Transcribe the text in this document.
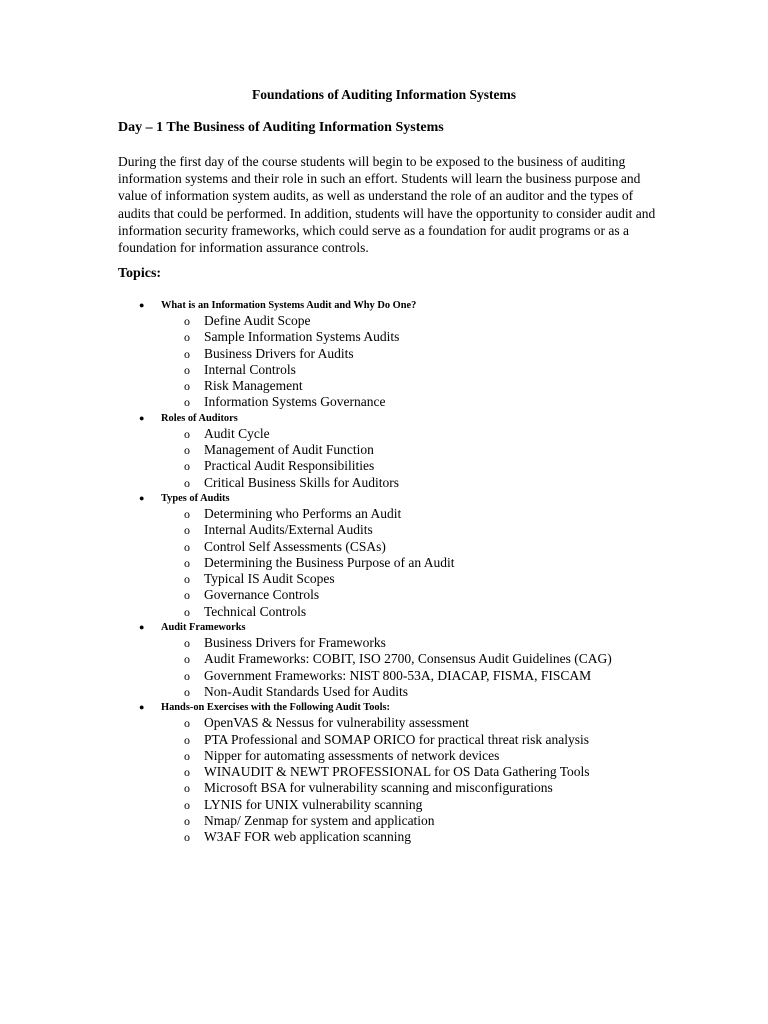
Foundations of Auditing Information Systems
Day – 1 The Business of Auditing Information Systems

During the first day of the course students will begin to be exposed to the business of auditing information systems and their role in such an effort. Students will learn the business purpose and value of information system audits, as well as understand the role of an auditor and the types of audits that could be performed. In addition, students will have the opportunity to consider audit and information security frameworks, which could serve as a foundation for audit programs or as a foundation for information assurance controls.

Topics:
● What is an Information Systems Audit and Why Do One?
o Define Audit Scope
o Sample Information Systems Audits
o Business Drivers for Audits
o Internal Controls
o Risk Management
o Information Systems Governance
● Roles of Auditors
o Audit Cycle
o Management of Audit Function
o Practical Audit Responsibilities
o Critical Business Skills for Auditors
● Types of Audits
o Determining who Performs an Audit
o Internal Audits/External Audits
o Control Self Assessments (CSAs)
o Determining the Business Purpose of an Audit
o Typical IS Audit Scopes
o Governance Controls
o Technical Controls
● Audit Frameworks
o Business Drivers for Frameworks
o Audit Frameworks: COBIT, ISO 2700, Consensus Audit Guidelines (CAG)
o Government Frameworks: NIST 800-53A, DIACAP, FISMA, FISCAM
o Non-Audit Standards Used for Audits
● Hands-on Exercises with the Following Audit Tools:
o OpenVAS & Nessus for vulnerability assessment
o PTA Professional and SOMAP ORICO for practical threat risk analysis
o Nipper for automating assessments of network devices
o WINAUDIT & NEWT PROFESSIONAL for OS Data Gathering Tools
o Microsoft BSA for vulnerability scanning and misconfigurations
o LYNIS for UNIX vulnerability scanning
o Nmap/ Zenmap for system and application
o W3AF FOR web application scanning
